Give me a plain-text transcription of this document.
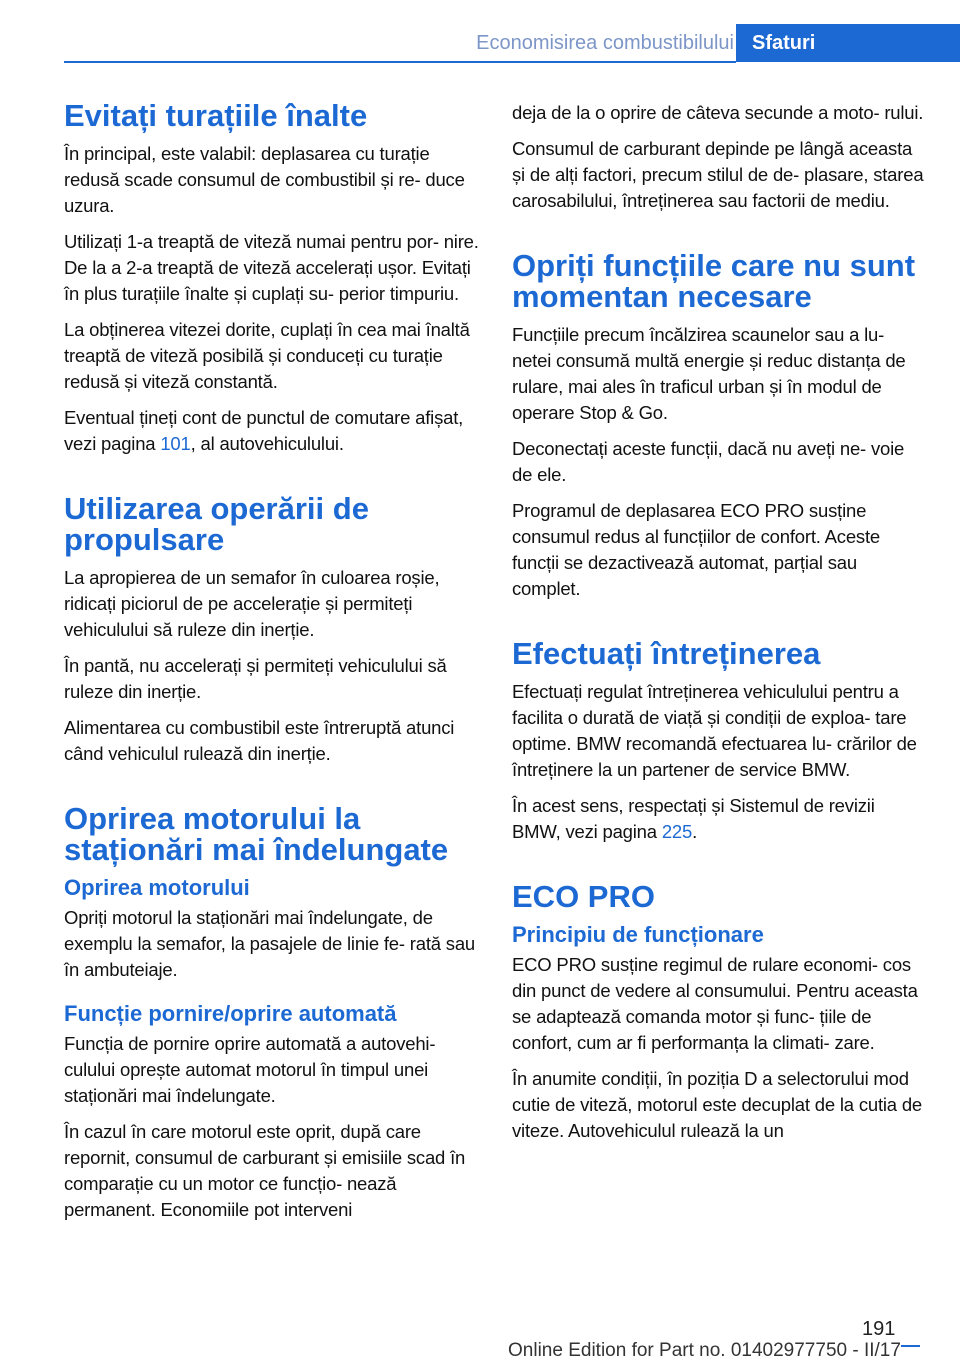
Economisirea combustibilului Sfaturi
Evitați turațiile înalte

În principal, este valabil: deplasarea cu turație redusă scade consumul de combustibil și re- duce uzura.

Utilizați 1-a treaptă de viteză numai pentru por- nire. De la a 2-a treaptă de viteză accelerați ușor. Evitați în plus turațiile înalte și cuplați su- perior timpuriu.

La obținerea vitezei dorite, cuplați în cea mai înaltă treaptă de viteză posibilă și conduceți cu turație redusă și viteză constantă.

Eventual țineți cont de punctul de comutare afișat, vezi pagina 101, al autovehiculului.

Utilizarea operării de propulsare

La apropierea de un semafor în culoarea roșie, ridicați piciorul de pe accelerație și permiteți vehiculului să ruleze din inerție.

În pantă, nu accelerați și permiteți vehiculului să ruleze din inerție.

Alimentarea cu combustibil este întreruptă atunci când vehiculul rulează din inerție.

Oprirea motorului la staționări mai îndelungate
Oprirea motorului

Opriți motorul la staționări mai îndelungate, de exemplu la semafor, la pasajele de linie fe- rată sau în ambuteiaje.

Funcție pornire/oprire automată

Funcția de pornire oprire automată a autovehi- culului oprește automat motorul în timpul unei staționări mai îndelungate.

În cazul în care motorul este oprit, după care repornit, consumul de carburant și emisiile scad în comparație cu un motor ce funcțio- nează permanent. Economiile pot interveni

deja de la o oprire de câteva secunde a moto- rului.

Consumul de carburant depinde pe lângă aceasta și de alți factori, precum stilul de de- plasare, starea carosabilului, întreținerea sau factorii de mediu.

Opriți funcțiile care nu sunt momentan necesare

Funcțiile precum încălzirea scaunelor sau a lu- netei consumă multă energie și reduc distanța de rulare, mai ales în traficul urban și în modul de operare Stop & Go.

Deconectați aceste funcții, dacă nu aveți ne- voie de ele.

Programul de deplasarea ECO PRO susține consumul redus al funcțiilor de confort. Aceste funcții se dezactivează automat, parțial sau complet.

Efectuați întreținerea

Efectuați regulat întreținerea vehiculului pentru a facilita o durată de viață și condiții de exploa- tare optime. BMW recomandă efectuarea lu- crărilor de întreținere la un partener de service BMW.

În acest sens, respectați și Sistemul de revizii BMW, vezi pagina 225.

ECO PRO
Principiu de funcționare

ECO PRO susține regimul de rulare economi- cos din punct de vedere al consumului. Pentru aceasta se adaptează comanda motor și func- țiile de confort, cum ar fi performanța la climati- zare.

În anumite condiții, în poziția D a selectorului mod cutie de viteză, motorul este decuplat de la cutia de viteze. Autovehiculul rulează la un

191
Online Edition for Part no. 01402977750 - II/17
